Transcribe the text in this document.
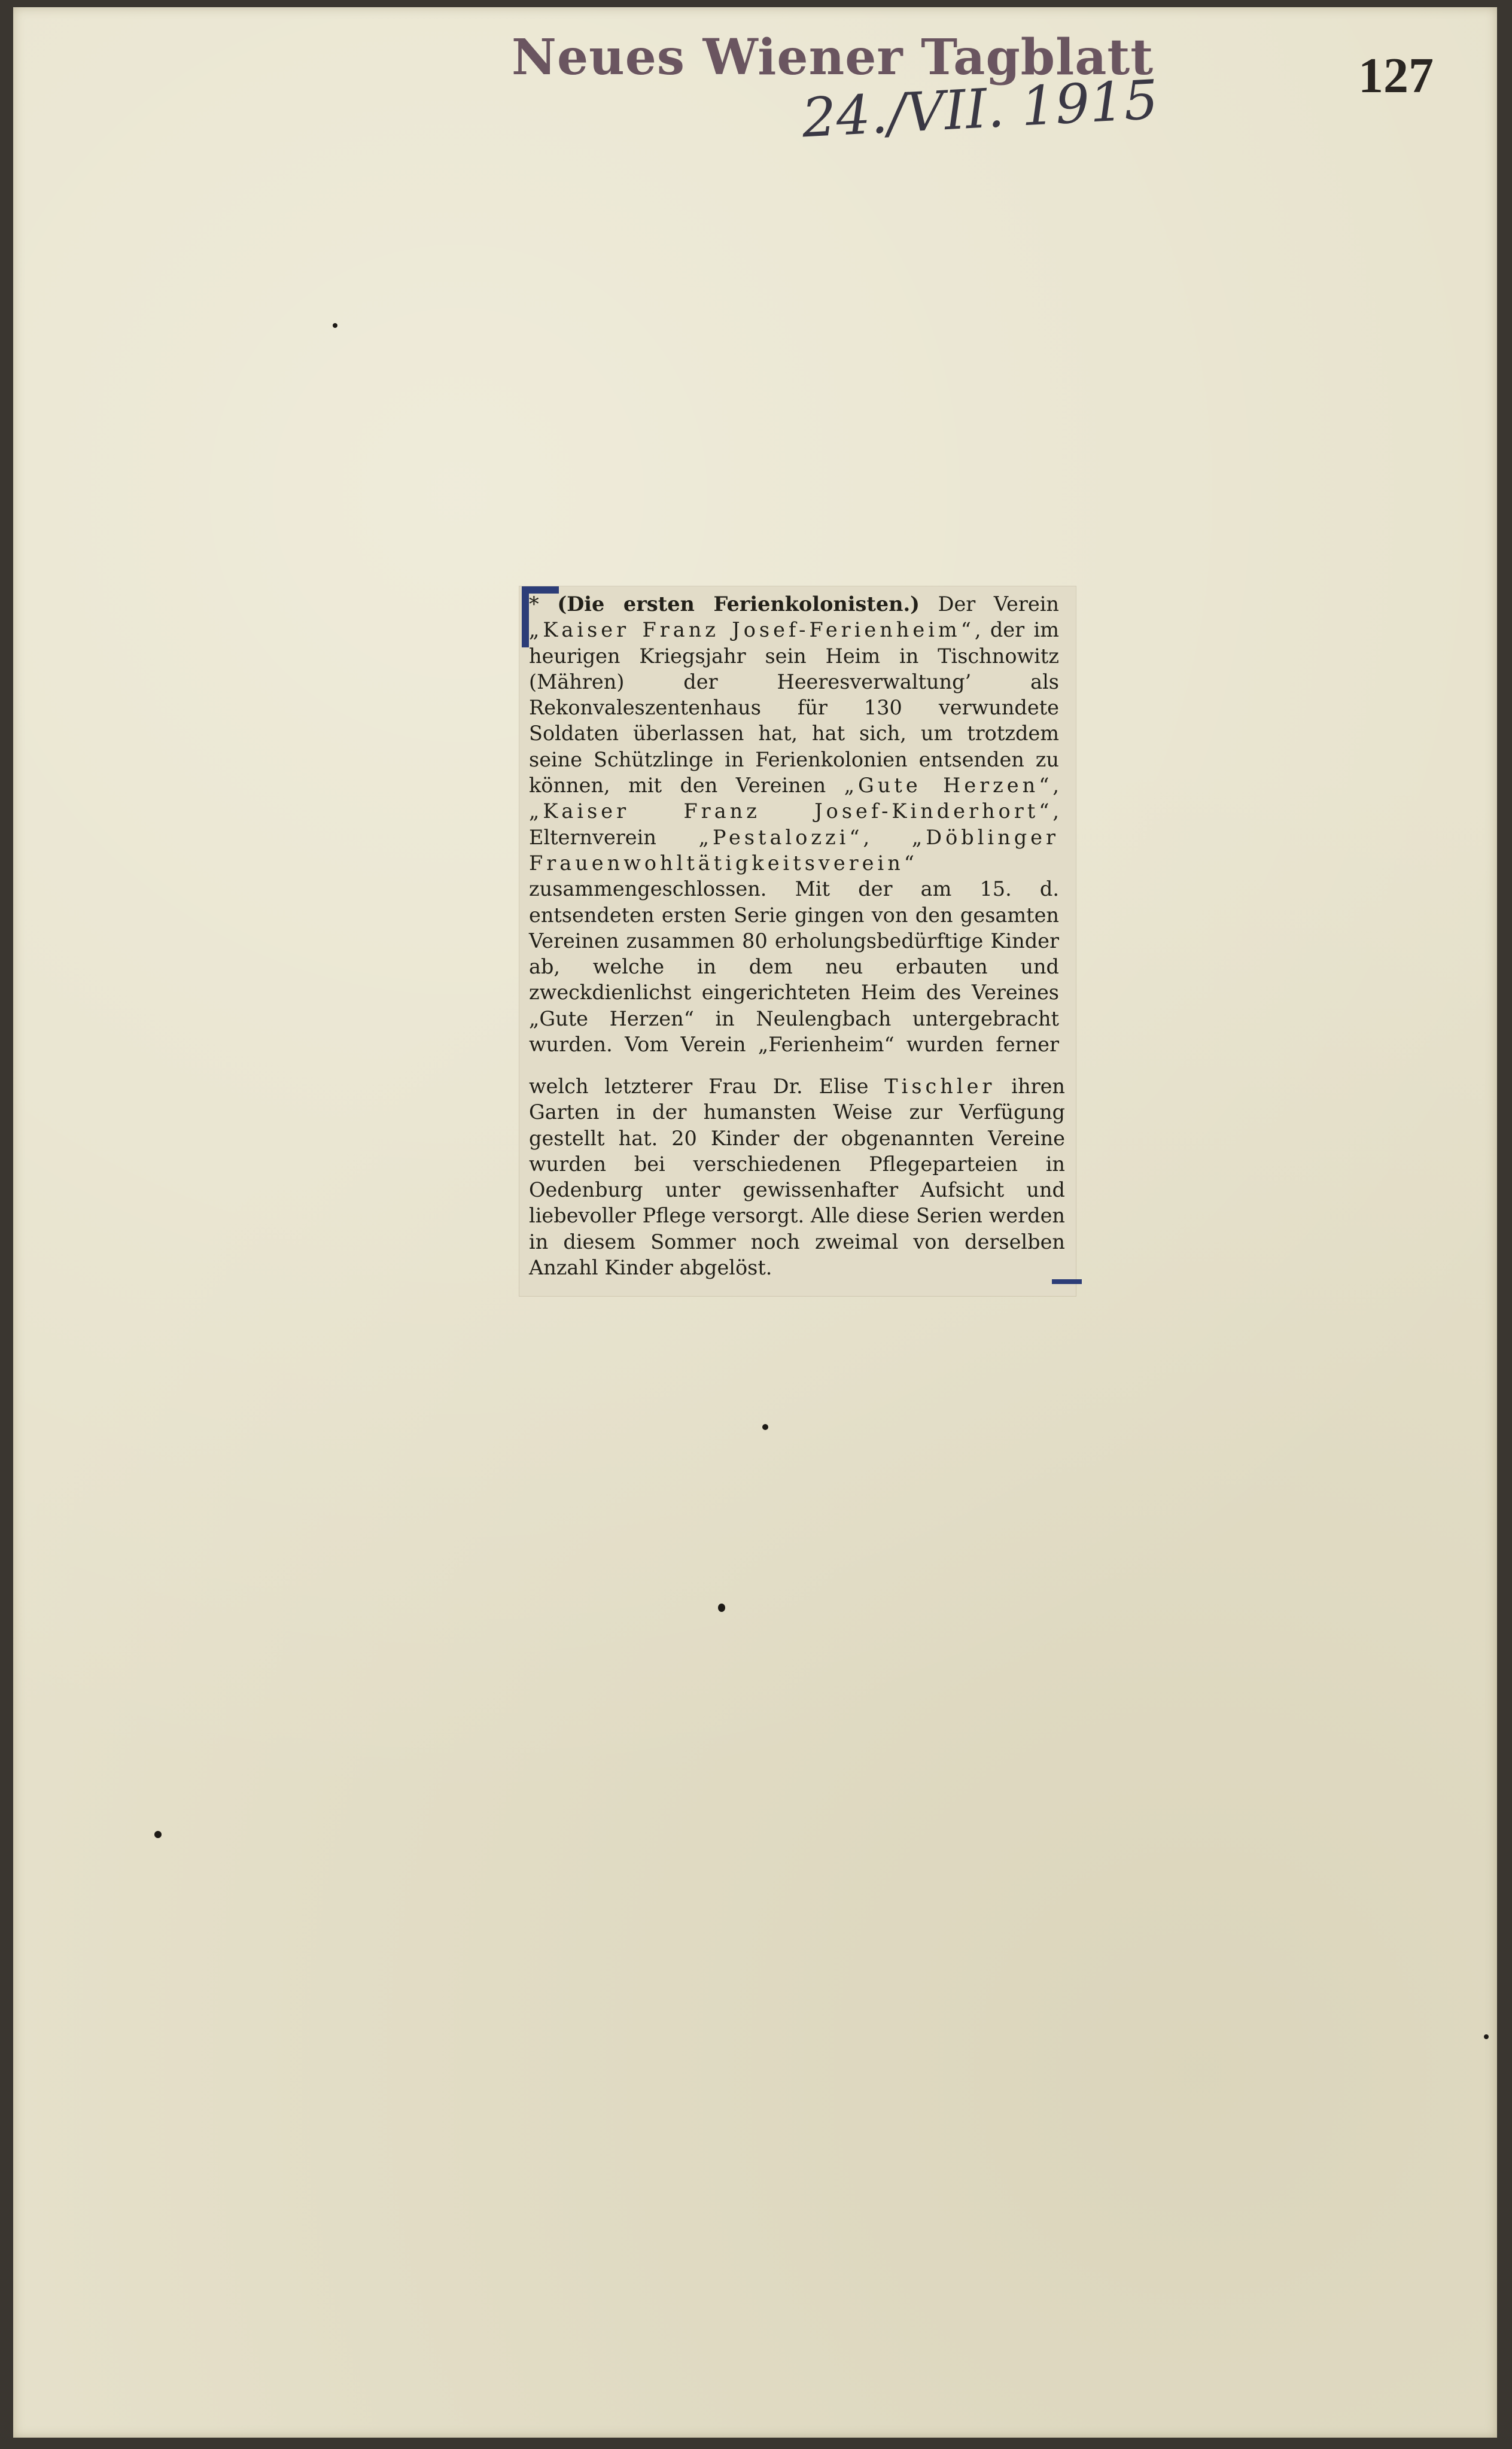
Neues Wiener Tagblatt	127
24./VII. 1915

* (Die ersten Ferienkolonisten.) Der Verein „Kaiser Franz Josef-Ferienheim“, der im heurigen Kriegsjahr sein Heim in Tischnowitz (Mähren) der Heeresverwaltung’ als Rekonvaleszentenhaus für 130 verwundete Soldaten überlassen hat, hat sich, um trotzdem seine Schützlinge in Ferienkolonien entsenden zu können, mit den Vereinen „Gute Herzen“, „Kaiser Franz Josef-Kinderhort“, Elternverein „Pestalozzi“, „Döblinger Frauenwohltätigkeitsverein“ zusammengeschlossen. Mit der am 15. d. entsendeten ersten Serie gingen von den gesamten Vereinen zusammen 80 erholungsbedürftige Kinder ab, welche in dem neu erbauten und zweckdienlichst eingerichteten Heim des Vereines „Gute Herzen“ in Neulengbach untergebracht wurden. Vom Verein „Ferienheim“ wurden ferner

welch letzterer Frau Dr. Elise Tischler ihren Garten in der humansten Weise zur Verfügung gestellt hat. 20 Kinder der obgenannten Vereine wurden bei verschiedenen Pflegeparteien in Oedenburg unter gewissenhafter Aufsicht und liebevoller Pflege versorgt. Alle diese Serien werden in diesem Sommer noch zweimal von derselben Anzahl Kinder abgelöst.
